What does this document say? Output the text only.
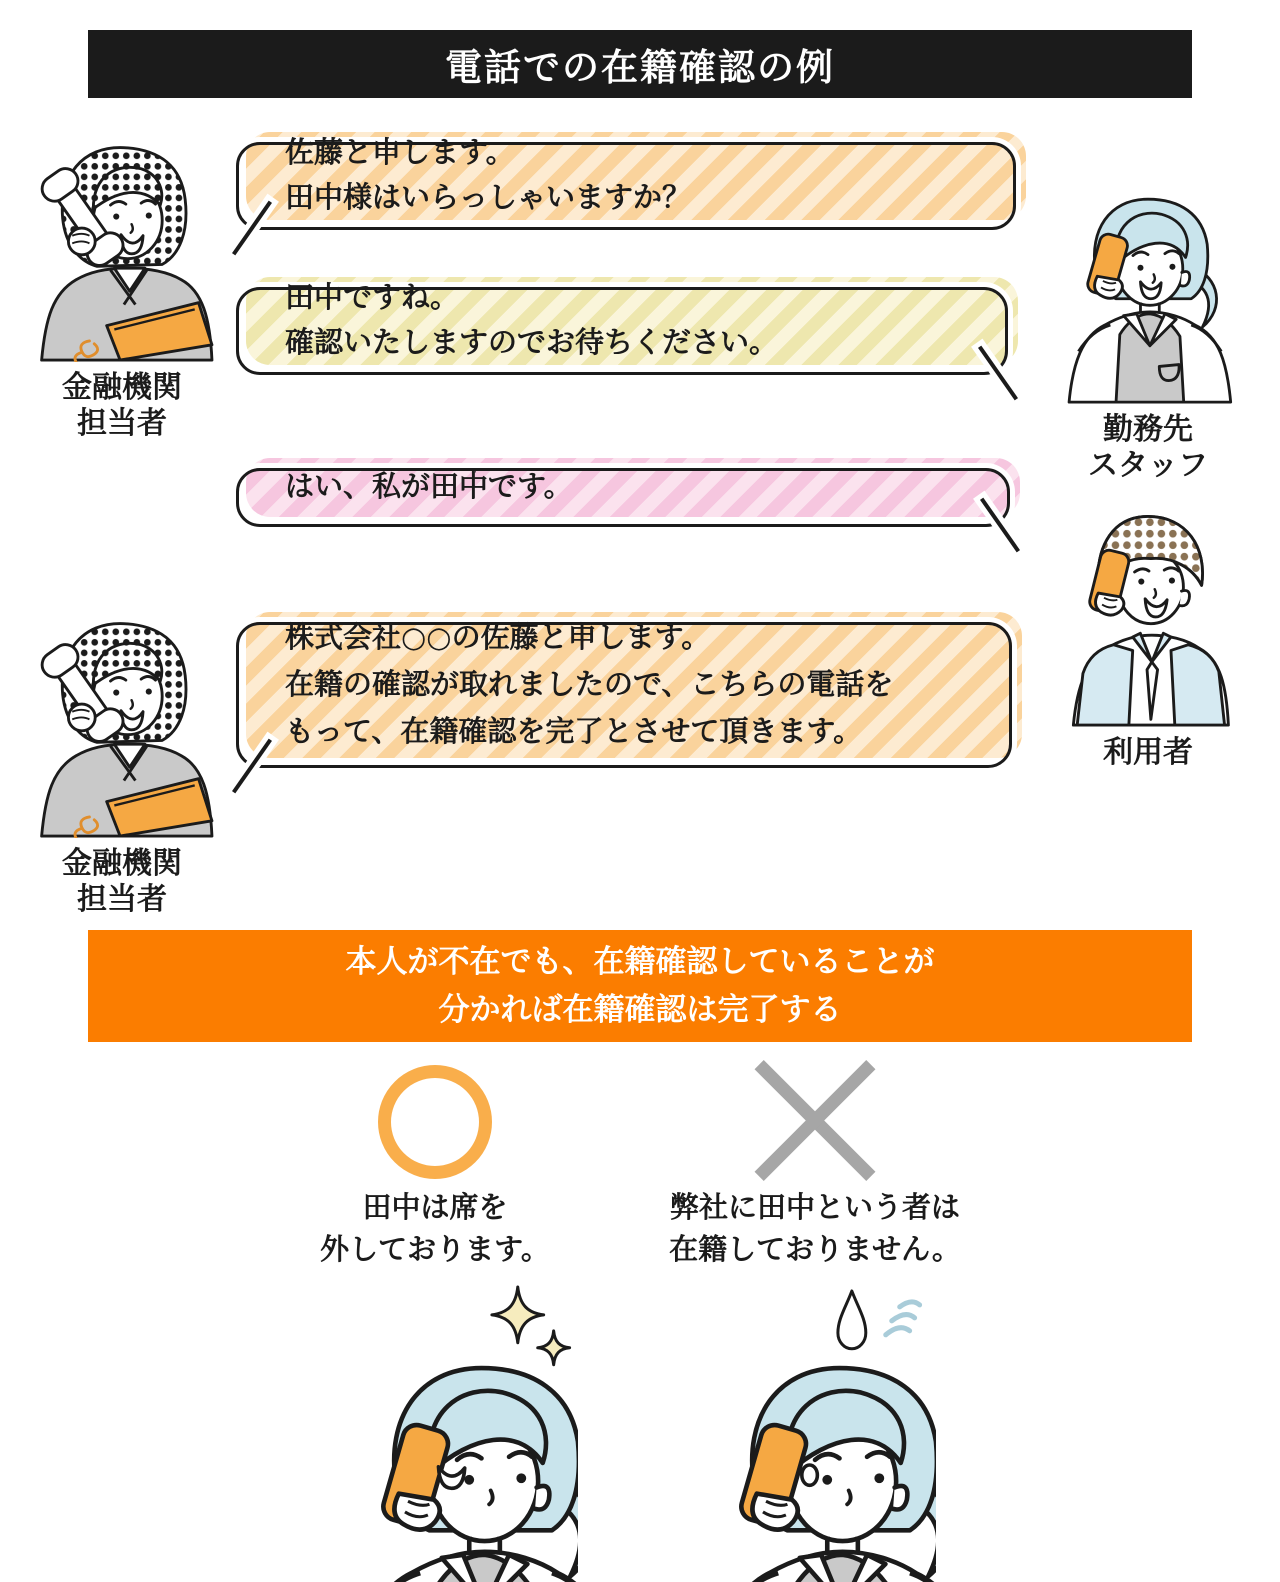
電話での在籍確認の例
金融機関
担当者
佐藤と申します。
田中様はいらっしゃいますか？
勤務先
スタッフ
田中ですね。
確認いたしますのでお待ちください。
はい、私が田中です。
利用者
株式会社○○の佐藤と申します。
在籍の確認が取れましたので、こちらの電話を
もって、在籍確認を完了とさせて頂きます。
金融機関
担当者
本人が不在でも、在籍確認していることが
分かれば在籍確認は完了する
田中は席を
外しております。
弊社に田中という者は
在籍しておりません。
